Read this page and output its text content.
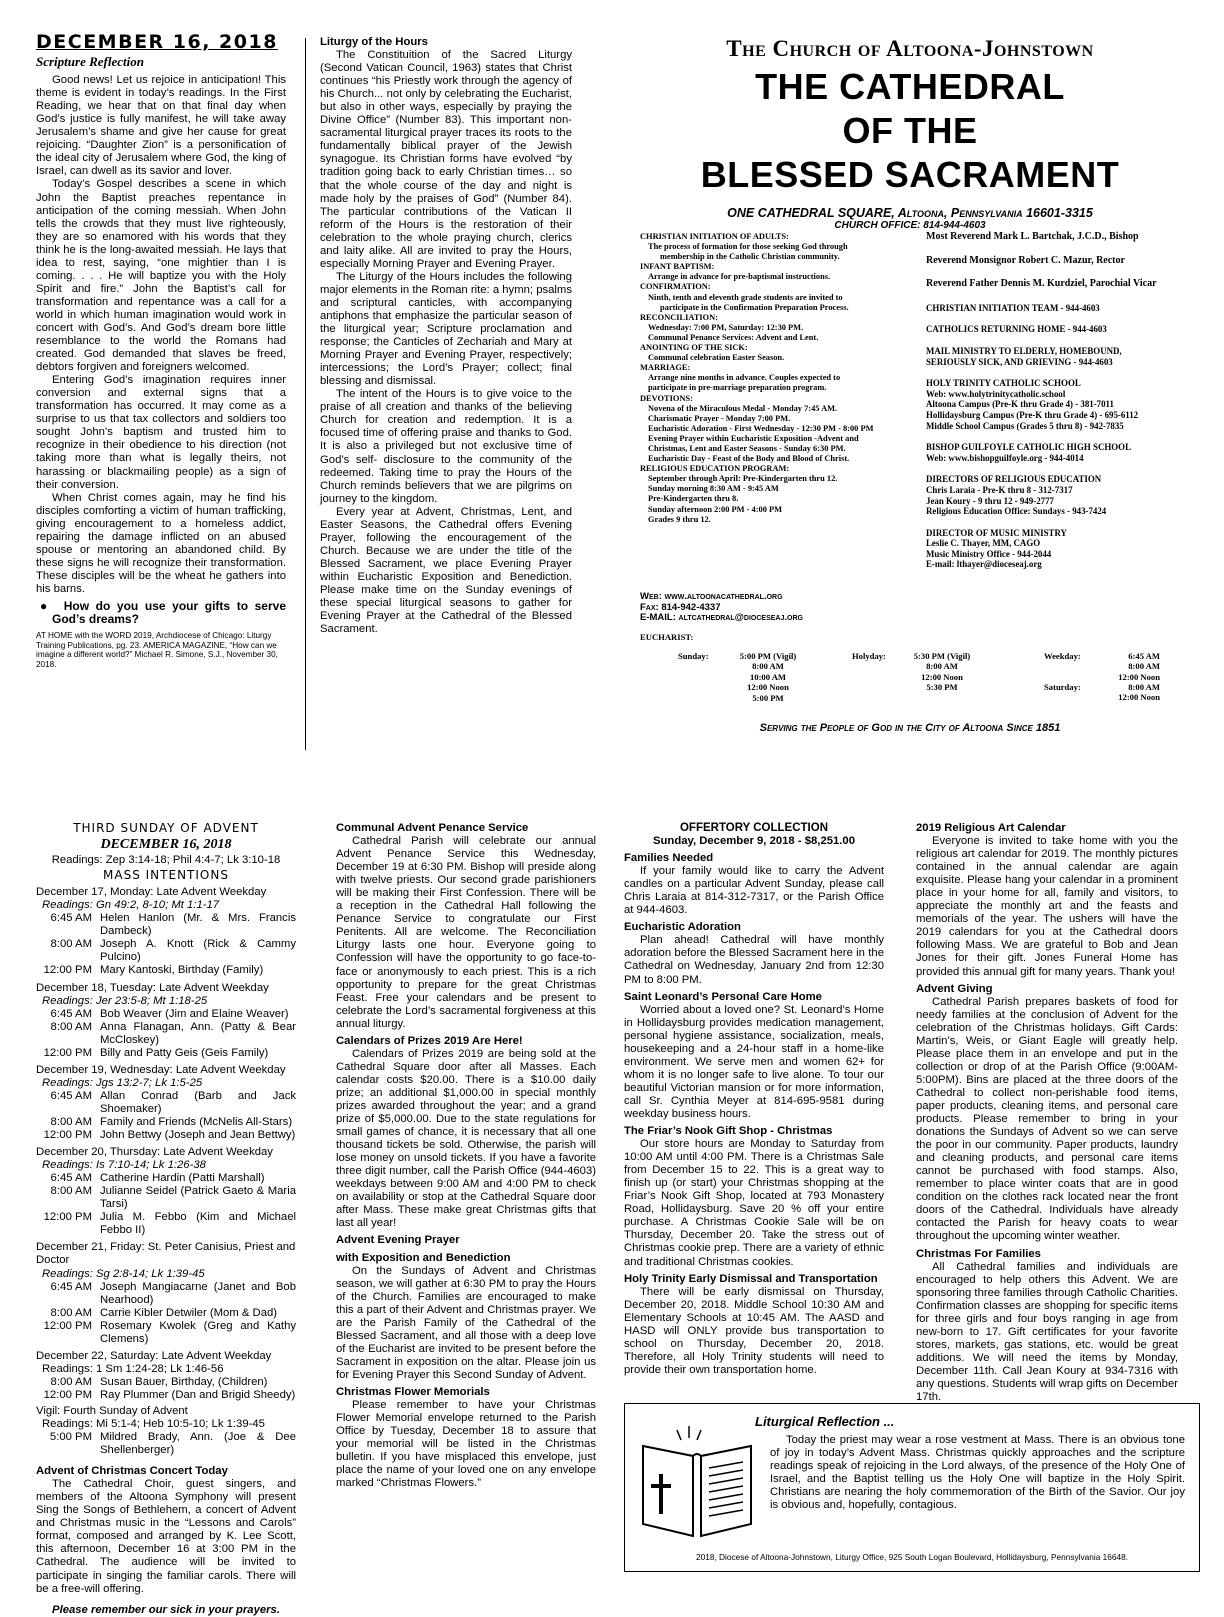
DECEMBER 16, 2018
Scripture Reflection

Good news! Let us rejoice in anticipation! This theme is evident in today’s readings. In the First Reading, we hear that on that final day when God’s justice is fully manifest, he will take away Jerusalem’s shame and give her cause for great rejoicing. “Daughter Zion” is a personification of the ideal city of Jerusalem where God, the king of Israel, can dwell as its savior and lover.

Today’s Gospel describes a scene in which John the Baptist preaches repentance in anticipation of the coming messiah. When John tells the crowds that they must live righteously, they are so enamored with his words that they think he is the long-awaited messiah. He lays that idea to rest, saying, “one mightier than I is coming. . . . He will baptize you with the Holy Spirit and fire.” John the Baptist’s call for transformation and repentance was a call for a world in which human imagination would work in concert with God’s. And God’s dream bore little resemblance to the world the Romans had created. God demanded that slaves be freed, debtors forgiven and foreigners welcomed.

Entering God’s imagination requires inner conversion and external signs that a transformation has occurred. It may come as a surprise to us that tax collectors and soldiers too sought John’s baptism and trusted him to recognize in their obedience to his direction (not taking more than what is legally theirs, not harassing or blackmailing people) as a sign of their conversion.

When Christ comes again, may he find his disciples comforting a victim of human trafficking, giving encouragement to a homeless addict, repairing the damage inflicted on an abused spouse or mentoring an abandoned child. By these signs he will recognize their transformation. These disciples will be the wheat he gathers into his barns.

●  How do you use your gifts to serve God’s dreams?
AT HOME with the WORD 2019, Archdiocese of Chicago: Liturgy Training Publications, pg. 23. AMERICA MAGAZINE, “How can we imagine a different world?” Michael R. Simone, S.J., November 30, 2018.
Liturgy of the Hours

The Constituition of the Sacred Liturgy (Second Vatican Council, 1963) states that Christ continues “his Priestly work through the agency of his Church... not only by celebrating the Eucharist, but also in other ways, especially by praying the Divine Office” (Number 83). This important non-sacramental liturgical prayer traces its roots to the fundamentally biblical prayer of the Jewish synagogue. Its Christian forms have evolved “by tradition going back to early Christian times… so that the whole course of the day and night is made holy by the praises of God” (Number 84). The particular contributions of the Vatican II reform of the Hours is the restoration of their celebration to the whole praying church, clerics and laity alike. All are invited to pray the Hours, especially Morning Prayer and Evening Prayer.

The Liturgy of the Hours includes the following major elements in the Roman rite: a hymn; psalms and scriptural canticles, with accompanying antiphons that emphasize the particular season of the liturgical year; Scripture proclamation and response; the Canticles of Zechariah and Mary at Morning Prayer and Evening Prayer, respectively; intercessions; the Lord’s Prayer; collect; final blessing and dismissal.

The intent of the Hours is to give voice to the praise of all creation and thanks of the believing Church for creation and redemption. It is a focused time of offering praise and thanks to God. It is also a privileged but not exclusive time of God’s self- disclosure to the community of the redeemed. Taking time to pray the Hours of the Church reminds believers that we are pilgrims on journey to the kingdom.

Every year at Advent, Christmas, Lent, and Easter Seasons, the Cathedral offers Evening Prayer, following the encouragement of the Church. Because we are under the title of the Blessed Sacrament, we place Evening Prayer within Eucharistic Exposition and Benediction. Please make time on the Sunday evenings of these special liturgical seasons to gather for Evening Prayer at the Cathedral of the Blessed Sacrament.

The Church of Altoona-Johnstown
THE CATHEDRAL
OF THE
BLESSED SACRAMENT
ONE CATHEDRAL SQUARE, Altoona, Pennsylvania 16601-3315
CHURCH OFFICE: 814-944-4603
CHRISTIAN INITIATION OF ADULTS:
The process of formation for those seeking God through
membership in the Catholic Christian community.
INFANT BAPTISM:
Arrange in advance for pre-baptismal instructions.
CONFIRMATION:
Ninth, tenth and eleventh grade students are invited to
participate in the Confirmation Preparation Process.
RECONCILIATION:
Wednesday: 7:00 PM, Saturday: 12:30 PM.
Communal Penance Services: Advent and Lent.
ANOINTING OF THE SICK:
Communal celebration Easter Season.
MARRIAGE:
Arrange nine months in advance. Couples expected to
participate in pre-marriage preparation program.
DEVOTIONS:
Novena of the Miraculous Medal - Monday 7:45 AM.
Charismatic Prayer - Monday 7:00 PM.
Eucharistic Adoration - First Wednesday - 12:30 PM - 8:00 PM
Evening Prayer within Eucharistic Exposition -Advent and
Christmas, Lent and Easter Seasons - Sunday 6:30 PM.
Eucharistic Day - Feast of the Body and Blood of Christ.
RELIGIOUS EDUCATION PROGRAM:
September through April: Pre-Kindergarten thru 12.
Sunday morning 8:30 AM - 9:45 AM
Pre-Kindergarten thru 8.
Sunday afternoon 2:00 PM - 4:00 PM
Grades 9 thru 12.
Most Reverend Mark L. Bartchak, J.C.D., Bishop
Reverend Monsignor Robert C. Mazur, Rector
Reverend Father Dennis M. Kurdziel, Parochial Vicar
CHRISTIAN INITIATION TEAM - 944-4603
CATHOLICS RETURNING HOME - 944-4603
MAIL MINISTRY TO ELDERLY, HOMEBOUND,
SERIOUSLY SICK, AND GRIEVING - 944-4603
HOLY TRINITY CATHOLIC SCHOOL
Web: www.holytrinitycatholic.school
Altoona Campus (Pre-K thru Grade 4) - 381-7011
Hollidaysburg Campus (Pre-K thru Grade 4) - 695-6112
Middle School Campus (Grades 5 thru 8) - 942-7835
BISHOP GUILFOYLE CATHOLIC HIGH SCHOOL
Web: www.bishopguilfoyle.org - 944-4014
DIRECTORS OF RELIGIOUS EDUCATION
Chris Laraia - Pre-K thru 8 - 312-7317
Jean Koury - 9 thru 12 - 949-2777
Religious Education Office: Sundays - 943-7424
DIRECTOR OF MUSIC MINISTRY
Leslie C. Thayer, MM, CAGO
Music Ministry Office - 944-2044
E-mail: lthayer@dioceseaj.org
Web: www.altoonacathedral.org
Fax: 814-942-4337
E-MAIL: altcathedral@dioceseaj.org
EUCHARIST:
Sunday:	5:00 PM (Vigil)
8:00 AM
10:00 AM
12:00 Noon
5:00 PM
Holyday:	5:30 PM (Vigil)
8:00 AM
12:00 Noon
5:30 PM
Weekday:	6:45 AM
8:00 AM
12:00 Noon
Saturday:	8:00 AM
12:00 Noon
Serving the People of God in the City of Altoona Since 1851
THIRD SUNDAY OF ADVENT
DECEMBER 16, 2018
Readings: Zep 3:14-18; Phil 4:4-7; Lk 3:10-18
MASS INTENTIONS
December 17, Monday: Late Advent Weekday
Readings: Gn 49:2, 8-10; Mt 1:1-17
6:45 AM Helen Hanlon (Mr. & Mrs. Francis Dambeck)
8:00 AM Joseph A. Knott (Rick & Cammy Pulcino)
12:00 PM Mary Kantoski, Birthday (Family)
December 18, Tuesday: Late Advent Weekday
Readings: Jer 23:5-8; Mt 1:18-25
6:45 AM Bob Weaver (Jim and Elaine Weaver)
8:00 AM Anna Flanagan, Ann. (Patty & Bear McCloskey)
12:00 PM Billy and Patty Geis (Geis Family)
December 19, Wednesday: Late Advent Weekday
Readings: Jgs 13:2-7; Lk 1:5-25
6:45 AM Allan Conrad (Barb and Jack Shoemaker)
8:00 AM Family and Friends (McNelis All-Stars)
12:00 PM John Bettwy (Joseph and Jean Bettwy)
December 20, Thursday: Late Advent Weekday
Readings: Is 7:10-14; Lk 1:26-38
6:45 AM Catherine Hardin (Patti Marshall)
8:00 AM Julianne Seidel (Patrick Gaeto & Maria Tarsi)
12:00 PM Julia M. Febbo (Kim and Michael Febbo II)
December 21, Friday: St. Peter Canisius, Priest and Doctor
Readings: Sg 2:8-14; Lk 1:39-45
6:45 AM Joseph Mangiacarne (Janet and Bob Nearhood)
8:00 AM Carrie Kibler Detwiler (Mom & Dad)
12:00 PM Rosemary Kwolek (Greg and Kathy Clemens)
December 22, Saturday: Late Advent Weekday
Readings: 1 Sm 1:24-28; Lk 1:46-56
8:00 AM Susan Bauer, Birthday, (Children)
12:00 PM Ray Plummer (Dan and Brigid Sheedy)
Vigil: Fourth Sunday of Advent
Readings: Mi 5:1-4; Heb 10:5-10; Lk 1:39-45
5:00 PM Mildred Brady, Ann. (Joe & Dee Shellenberger)
Advent of Christmas Concert Today

The Cathedral Choir, guest singers, and members of the Altoona Symphony will present Sing the Songs of Bethlehem, a concert of Advent and Christmas music in the “Lessons and Carols” format, composed and arranged by K. Lee Scott, this afternoon, December 16 at 3:00 PM in the Cathedral. The audience will be invited to participate in singing the familiar carols. There will be a free-will offering.

Please remember our sick in your prayers.
Communal Advent Penance Service

Cathedral Parish will celebrate our annual Advent Penance Service this Wednesday, December 19 at 6:30 PM. Bishop will preside along with twelve priests. Our second grade parishioners will be making their First Confession. There will be a reception in the Cathedral Hall following the Penance Service to congratulate our First Penitents. All are welcome. The Reconciliation Liturgy lasts one hour. Everyone going to Confession will have the opportunity to go face-to-face or anonymously to each priest. This is a rich opportunity to prepare for the great Christmas Feast. Free your calendars and be present to celebrate the Lord’s sacramental forgiveness at this annual liturgy.

Calendars of Prizes 2019 Are Here!

Calendars of Prizes 2019 are being sold at the Cathedral Square door after all Masses. Each calendar costs $20.00. There is a $10.00 daily prize; an additional $1,000.00 in special monthly prizes awarded throughout the year; and a grand prize of $5,000.00. Due to the state regulations for small games of chance, it is necessary that all one thousand tickets be sold. Otherwise, the parish will lose money on unsold tickets. If you have a favorite three digit number, call the Parish Office (944-4603) weekdays between 9:00 AM and 4:00 PM to check on availability or stop at the Cathedral Square door after Mass. These make great Christmas gifts that last all year!

Advent Evening Prayer
with Exposition and Benediction

On the Sundays of Advent and Christmas season, we will gather at 6:30 PM to pray the Hours of the Church. Families are encouraged to make this a part of their Advent and Christmas prayer. We are the Parish Family of the Cathedral of the Blessed Sacrament, and all those with a deep love of the Eucharist are invited to be present before the Sacrament in exposition on the altar. Please join us for Evening Prayer this Second Sunday of Advent.

Christmas Flower Memorials

Please remember to have your Christmas Flower Memorial envelope returned to the Parish Office by Tuesday, December 18 to assure that your memorial will be listed in the Christmas bulletin. If you have misplaced this envelope, just place the name of your loved one on any envelope marked “Christmas Flowers.”

OFFERTORY COLLECTION
Sunday, December 9, 2018 - $8,251.00
Families Needed

If your family would like to carry the Advent candles on a particular Advent Sunday, please call Chris Laraia at 814-312-7317, or the Parish Office at 944-4603.

Eucharistic Adoration

Plan ahead! Cathedral will have monthly adoration before the Blessed Sacrament here in the Cathedral on Wednesday, January 2nd from 12:30 PM to 8:00 PM.

Saint Leonard’s Personal Care Home

Worried about a loved one? St. Leonard’s Home in Hollidaysburg provides medication management, personal hygiene assistance, socialization, meals, housekeeping and a 24-hour staff in a home-like environment. We serve men and women 62+ for whom it is no longer safe to live alone. To tour our beautiful Victorian mansion or for more information, call Sr. Cynthia Meyer at 814-695-9581 during weekday business hours.

The Friar’s Nook Gift Shop - Christmas

Our store hours are Monday to Saturday from 10:00 AM until 4:00 PM. There is a Christmas Sale from December 15 to 22. This is a great way to finish up (or start) your Christmas shopping at the Friar’s Nook Gift Shop, located at 793 Monastery Road, Hollidaysburg. Save 20 % off your entire purchase. A Christmas Cookie Sale will be on Thursday, December 20. Take the stress out of Christmas cookie prep. There are a variety of ethnic and traditional Christmas cookies.

Holy Trinity Early Dismissal and Transportation

There will be early dismissal on Thursday, December 20, 2018. Middle School 10:30 AM and Elementary Schools at 10:45 AM. The AASD and HASD will ONLY provide bus transportation to school on Thursday, December 20, 2018. Therefore, all Holy Trinity students will need to provide their own transportation home.

2019 Religious Art Calendar

Everyone is invited to take home with you the religious art calendar for 2019. The monthly pictures contained in the annual calendar are again exquisite. Please hang your calendar in a prominent place in your home for all, family and visitors, to appreciate the monthly art and the feasts and memorials of the year. The ushers will have the 2019 calendars for you at the Cathedral doors following Mass. We are grateful to Bob and Jean Jones for their gift. Jones Funeral Home has provided this annual gift for many years. Thank you!

Advent Giving

Cathedral Parish prepares baskets of food for needy families at the conclusion of Advent for the celebration of the Christmas holidays. Gift Cards: Martin’s, Weis, or Giant Eagle will greatly help. Please place them in an envelope and put in the collection or drop of at the Parish Office (9:00AM-5:00PM). Bins are placed at the three doors of the Cathedral to collect non-perishable food items, paper products, cleaning items, and personal care products. Please remember to bring in your donations the Sundays of Advent so we can serve the poor in our community. Paper products, laundry and cleaning products, and personal care items cannot be purchased with food stamps. Also, remember to place winter coats that are in good condition on the clothes rack located near the front doors of the Cathedral. Individuals have already contacted the Parish for heavy coats to wear throughout the upcoming winter weather.

Christmas For Families

All Cathedral families and individuals are encouraged to help others this Advent. We are sponsoring three families through Catholic Charities. Confirmation classes are shopping for specific items for three girls and four boys ranging in age from new-born to 17. Gift certificates for your favorite stores, markets, gas stations, etc. would be great additions. We will need the items by Monday, December 11th. Call Jean Koury at 934-7316 with any questions. Students will wrap gifts on December 17th.

Liturgical Reflection ...

Today the priest may wear a rose vestment at Mass. There is an obvious tone of joy in today’s Advent Mass. Christmas quickly approaches and the scripture readings speak of rejoicing in the Lord always, of the presence of the Holy One of Israel, and the Baptist telling us the Holy One will baptize in the Holy Spirit. Christians are nearing the holy commemoration of the Birth of the Savior. Our joy is obvious and, hopefully, contagious.

2018, Diocese of Altoona-Johnstown, Liturgy Office, 925 South Logan Boulevard, Hollidaysburg, Pennsylvania 16648.
